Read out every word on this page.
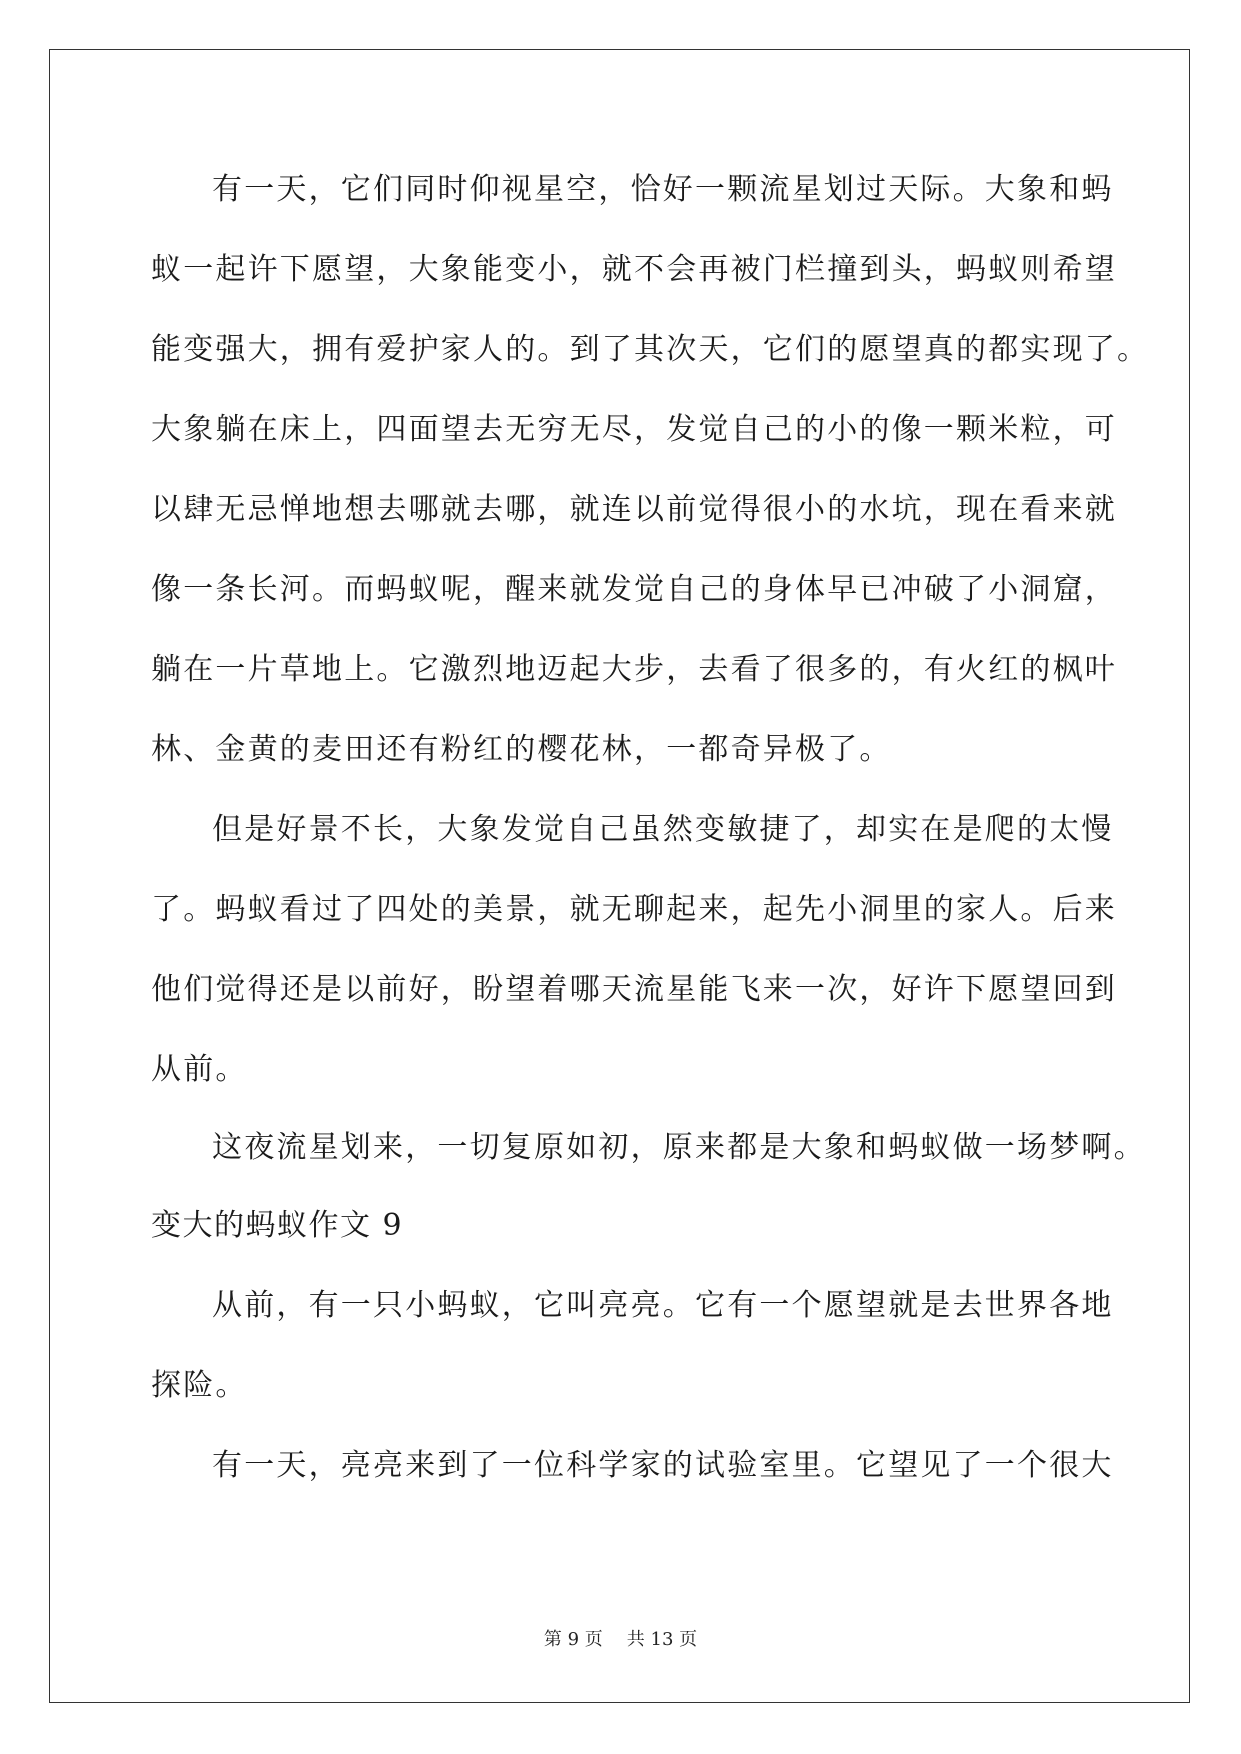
有一天，它们同时仰视星空，恰好一颗流星划过天际。大象和蚂
蚁一起许下愿望，大象能变小，就不会再被门栏撞到头，蚂蚁则希望
能变强大，拥有爱护家人的。到了其次天，它们的愿望真的都实现了。
大象躺在床上，四面望去无穷无尽，发觉自己的小的像一颗米粒，可
以肆无忌惮地想去哪就去哪，就连以前觉得很小的水坑，现在看来就
像一条长河。而蚂蚁呢，醒来就发觉自己的身体早已冲破了小洞窟，
躺在一片草地上。它激烈地迈起大步，去看了很多的，有火红的枫叶
林、金黄的麦田还有粉红的樱花林，一都奇异极了。
但是好景不长，大象发觉自己虽然变敏捷了，却实在是爬的太慢
了。蚂蚁看过了四处的美景，就无聊起来，起先小洞里的家人。后来
他们觉得还是以前好，盼望着哪天流星能飞来一次，好许下愿望回到
从前。
这夜流星划来，一切复原如初，原来都是大象和蚂蚁做一场梦啊。
变大的蚂蚁作文 9
从前，有一只小蚂蚁，它叫亮亮。它有一个愿望就是去世界各地
探险。
有一天，亮亮来到了一位科学家的试验室里。它望见了一个很大
第 9 页 共 13 页
